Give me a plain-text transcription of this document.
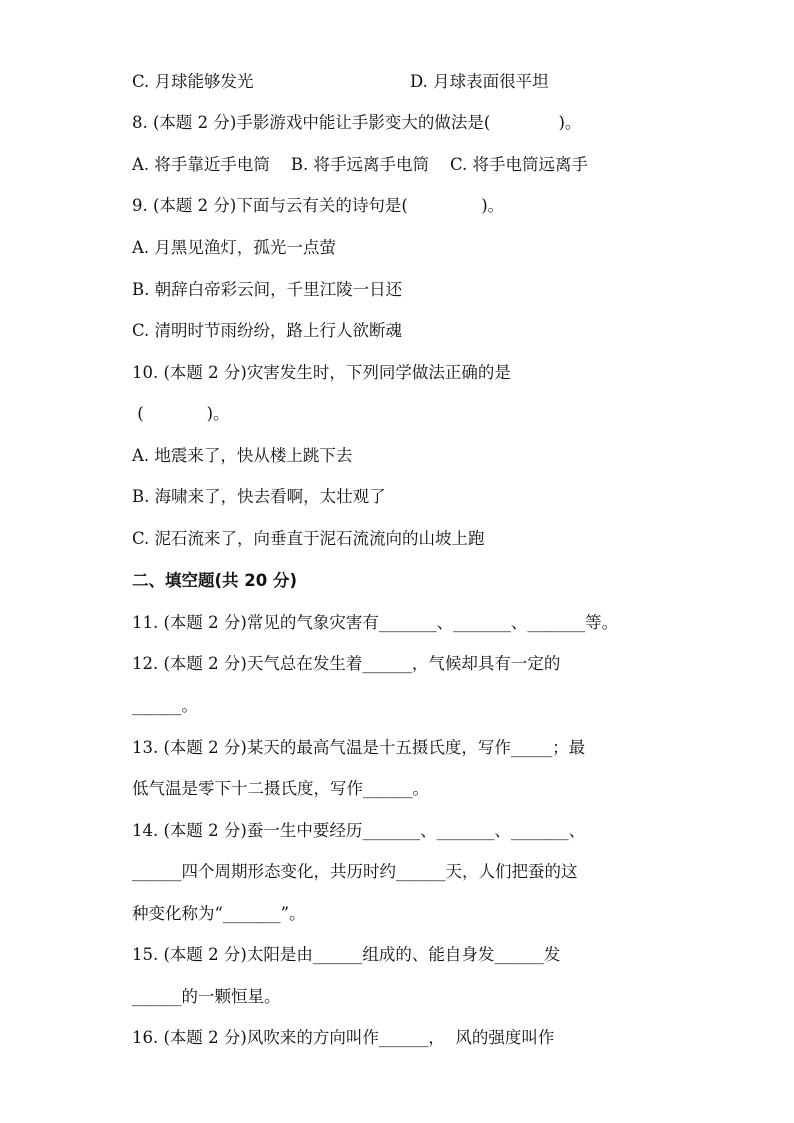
C. 月球能够发光	D. 月球表面很平坦
8. (本题 2 分)手影游戏中能让手影变大的做法是(             )。
A. 将手靠近手电筒    B. 将手远离手电筒    C. 将手电筒远离手
9. (本题 2 分)下面与云有关的诗句是(              )。
A. 月黑见渔灯，孤光一点萤
B. 朝辞白帝彩云间，千里江陵一日还
C. 清明时节雨纷纷，路上行人欲断魂
10. (本题 2 分)灾害发生时，下列同学做法正确的是
(            )。
A. 地震来了，快从楼上跳下去
B. 海啸来了，快去看啊，太壮观了
C. 泥石流来了，向垂直于泥石流流向的山坡上跑
二、填空题(共 20 分)
11. (本题 2 分)常见的气象灾害有_______、_______、_______等。
12. (本题 2 分)天气总在发生着______，气候却具有一定的
______。
13. (本题 2 分)某天的最高气温是十五摄氏度，写作_____；最
低气温是零下十二摄氏度，写作______。
14. (本题 2 分)蚕一生中要经历_______、_______、_______、
______四个周期形态变化，共历时约______天，人们把蚕的这
种变化称为“_______”。
15. (本题 2 分)太阳是由______组成的、能自身发______发
______的一颗恒星。
16. (本题 2 分)风吹来的方向叫作______，  风的强度叫作
